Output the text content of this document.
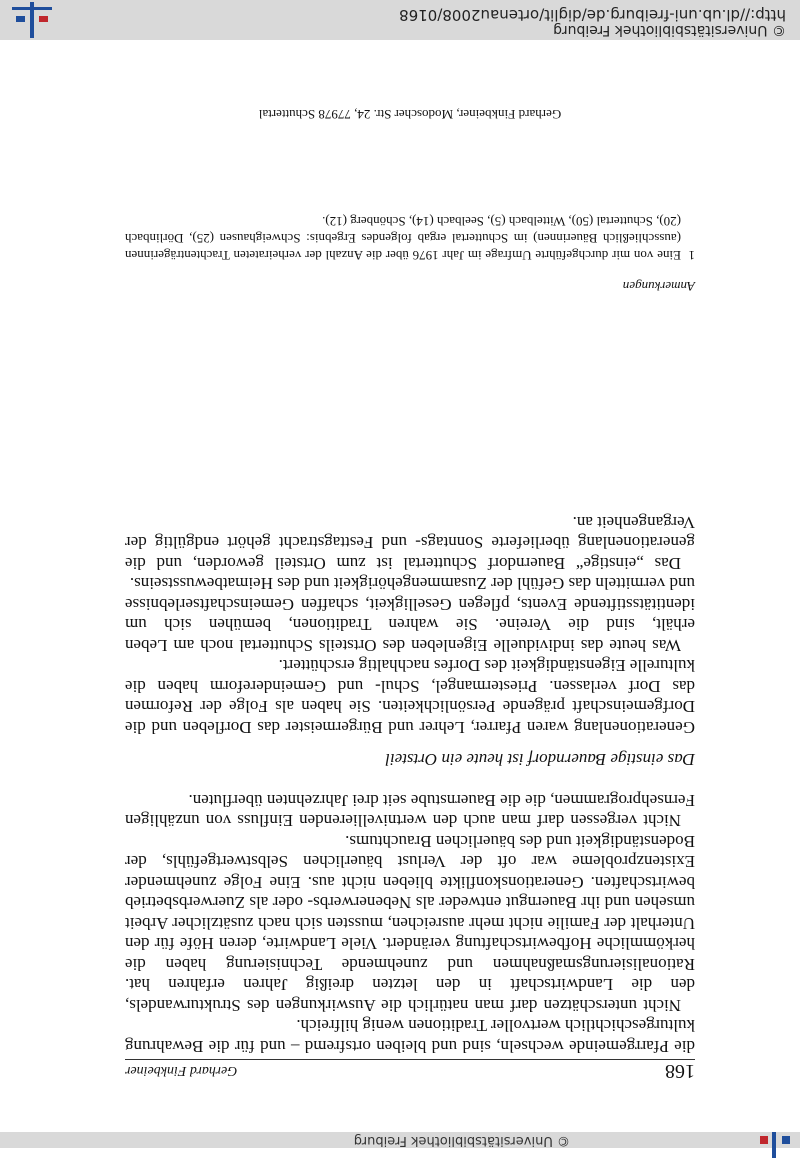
© Universitätsbibliothek Freiburg
168
Gerhard Finkbeiner

die Pfarrgemeinde wechseln, sind und bleiben ortsfremd – und für die Bewahrung kulturgeschichtlich wertvoller Traditionen wenig hilfreich.

Nicht unterschätzen darf man natürlich die Auswirkungen des Strukturwandels, den die Landwirtschaft in den letzten dreißig Jahren erfahren hat. Rationalisierungsmaßnahmen und zunehmende Technisierung haben die herkömmliche Hofbewirtschaftung verändert. Viele Landwirte, deren Höfe für den Unterhalt der Familie nicht mehr ausreichen, mussten sich nach zusätzlicher Arbeit umsehen und ihr Bauerngut entweder als Nebenerwerbs- oder als Zuerwerbsbetrieb bewirtschaften. Generationskonflikte blieben nicht aus. Eine Folge zunehmender Existenzprobleme war oft der Verlust bäuerlichen Selbstwertgefühls, der Bodenständigkeit und des bäuerlichen Brauchtums.

Nicht vergessen darf man auch den wertnivellierenden Einfluss von unzähligen Fernsehprogrammen, die die Bauernstube seit drei Jahrzehnten überfluten.

Das einstige Bauerndorf ist heute ein Ortsteil

Generationenlang waren Pfarrer, Lehrer und Bürgermeister das Dorfleben und die Dorfgemeinschaft prägende Persönlichkeiten. Sie haben als Folge der Reformen das Dorf verlassen. Priestermangel, Schul- und Gemeindereform haben die kulturelle Eigenständigkeit des Dorfes nachhaltig erschüttert.

Was heute das individuelle Eigenleben des Ortsteils Schuttertal noch am Leben erhält, sind die Vereine. Sie wahren Traditionen, bemühen sich um identitätsstiftende Events, pflegen Geselligkeit, schaffen Gemeinschaftserlebnisse und vermitteln das Gefühl der Zusammengehörigkeit und des Heimatbewusstseins.

Das „einstige“ Bauerndorf Schuttertal ist zum Ortsteil geworden, und die generationenlang überlieferte Sonntags- und Festtagstracht gehört endgültig der Vergangenheit an.

Anmerkungen
1
Eine von mir durchgeführte Umfrage im Jahr 1976 über die Anzahl der verheirateten Trachtenträgerinnen (ausschließlich Bäuerinnen) im Schuttertal ergab folgendes Ergebnis: Schweighausen (25), Dörlinbach (20), Schuttertal (50), Wittelbach (5), Seelbach (14), Schönberg (12).
Gerhard Finkbeiner, Modoscher Str. 24, 77978 Schuttertal
© Universitätsbibliothek Freiburg
http://dl.ub.uni-freiburg.de/diglit/ortenau2008/0168
